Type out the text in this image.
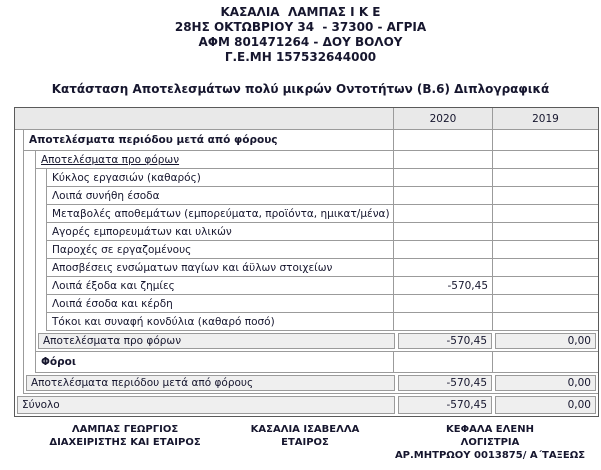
ΚΑΣΑΛΙΑ  ΛΑΜΠΑΣ Ι Κ Ε
28ΗΣ ΟΚΤΩΒΡΙΟΥ 34  - 37300 - ΑΓΡΙΑ
ΑΦΜ 801471264 - ΔΟΥ ΒΟΛΟΥ
Γ.Ε.ΜΗ 157532644000
Κατάσταση Αποτελεσμάτων πολύ μικρών Οντοτήτων (Β.6) Διπλογραφικά
2020	2019
Αποτελέσματα περιόδου μετά από φόρους
Αποτελέσματα προ φόρων
Κύκλος εργασιών (καθαρός)
Λοιπά συνήθη έσοδα
Μεταβολές αποθεμάτων (εμπορεύματα, προϊόντα, ημικατ/μένα)
Αγορές εμπορευμάτων και υλικών
Παροχές σε εργαζομένους
Αποσβέσεις ενσώματων παγίων και άϋλων στοιχείων
Λοιπά έξοδα και ζημίες	-570,45
Λοιπά έσοδα και κέρδη
Τόκοι και συναφή κονδύλια (καθαρό ποσό)
Αποτελέσματα προ φόρων	-570,45	0,00
Φόροι
Αποτελέσματα περιόδου μετά από φόρους	-570,45	0,00
Σύνολο	-570,45	0,00
ΛΑΜΠΑΣ ΓΕΩΡΓΙΟΣ
ΔΙΑΧΕΙΡΙΣΤΗΣ ΚΑΙ ΕΤΑΙΡΟΣ
ΚΑΣΑΛΙΑ ΙΣΑΒΕΛΛΑ
ΕΤΑΙΡΟΣ
ΚΕΦΑΛΑ ΕΛΕΝΗ
ΛΟΓΙΣΤΡΙΑ
ΑΡ.ΜΗΤΡΩΟΥ 0013875/ Α΄ΤΑΞΕΩΣ
